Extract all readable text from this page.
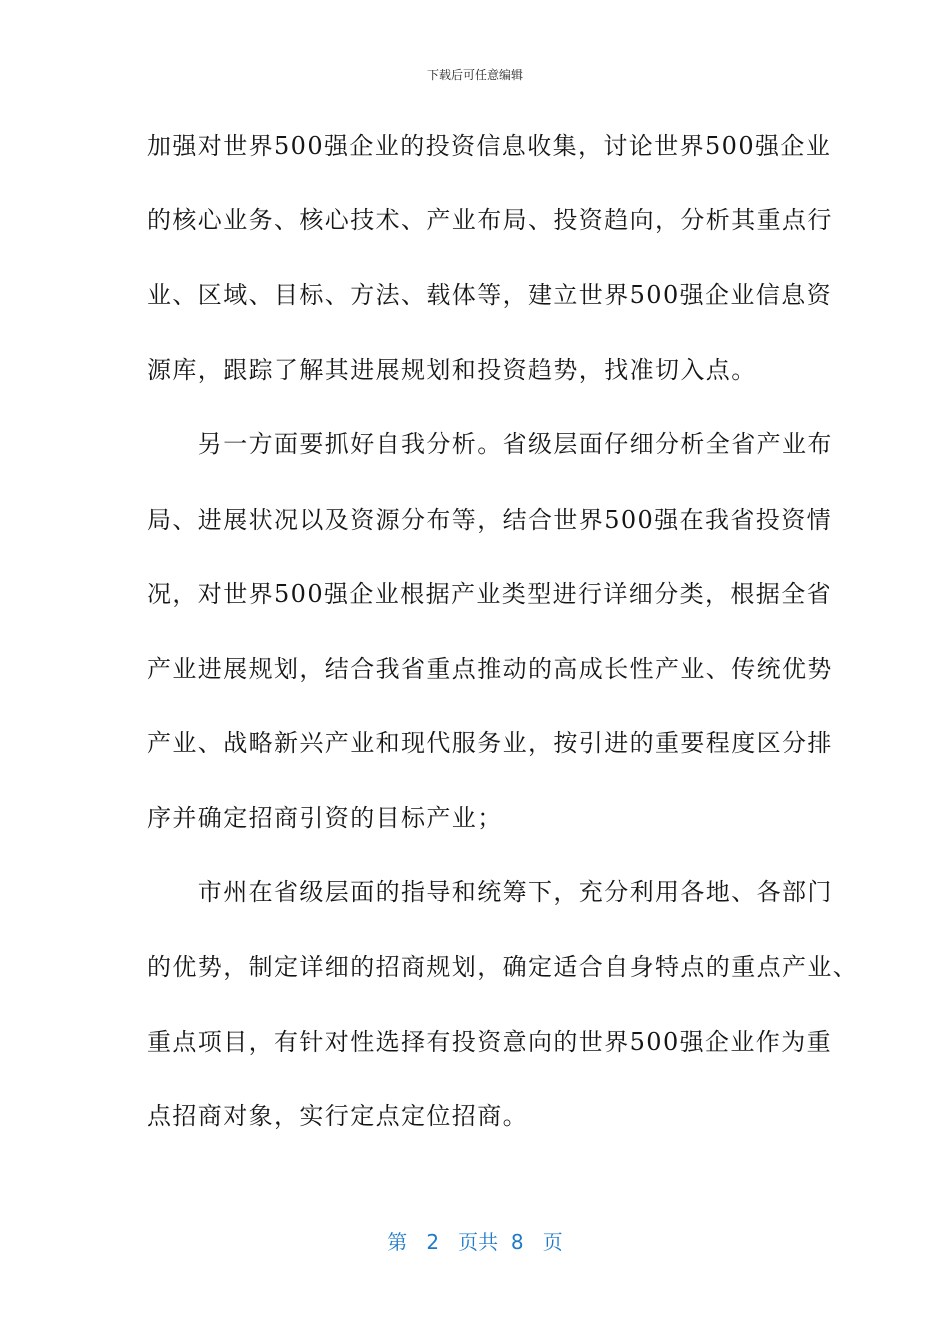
下载后可任意编辑
加强对世界500强企业的投资信息收集，讨论世界500强企业
的核心业务、核心技术、产业布局、投资趋向，分析其重点行
业、区域、目标、方法、载体等，建立世界500强企业信息资
源库，跟踪了解其进展规划和投资趋势，找准切入点。
　　另一方面要抓好自我分析。省级层面仔细分析全省产业布
局、进展状况以及资源分布等，结合世界500强在我省投资情
况，对世界500强企业根据产业类型进行详细分类，根据全省
产业进展规划，结合我省重点推动的高成长性产业、传统优势
产业、战略新兴产业和现代服务业，按引进的重要程度区分排
序并确定招商引资的目标产业；
　　市州在省级层面的指导和统筹下，充分利用各地、各部门
的优势，制定详细的招商规划，确定适合自身特点的重点产业、
重点项目，有针对性选择有投资意向的世界500强企业作为重
点招商对象，实行定点定位招商。
第 2 页共 8 页
